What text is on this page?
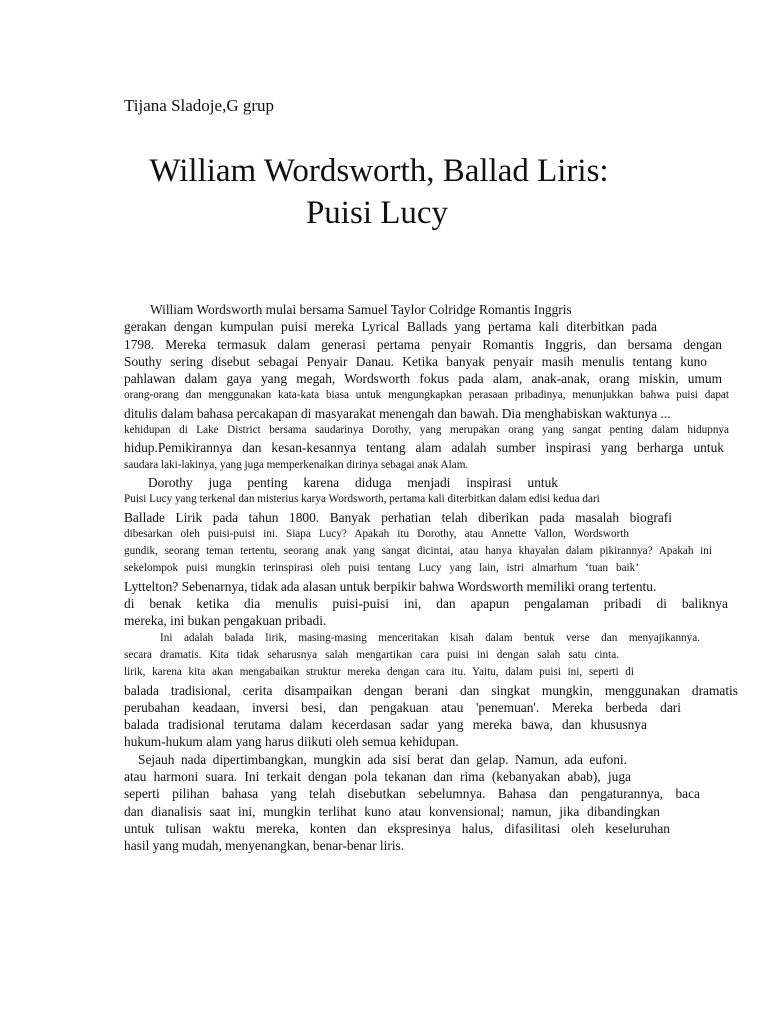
Tijana Sladoje,G grup
William Wordsworth, Ballad Liris:
Puisi Lucy
William Wordsworth mulai bersama Samuel Taylor Colridge Romantis Inggris
gerakan dengan kumpulan puisi mereka Lyrical Ballads yang pertama kali diterbitkan pada
1798. Mereka termasuk dalam generasi pertama penyair Romantis Inggris, dan bersama dengan
Southy sering disebut sebagai Penyair Danau. Ketika banyak penyair masih menulis tentang kuno
pahlawan dalam gaya yang megah, Wordsworth fokus pada alam, anak-anak, orang miskin, umum
orang-orang dan menggunakan kata-kata biasa untuk mengungkapkan perasaan pribadinya, menunjukkan bahwa puisi dapat
ditulis dalam bahasa percakapan di masyarakat menengah dan bawah. Dia menghabiskan waktunya ...
kehidupan di Lake District bersama saudarinya Dorothy, yang merupakan orang yang sangat penting dalam hidupnya
hidup.Pemikirannya dan kesan-kesannya tentang alam adalah sumber inspirasi yang berharga untuk
saudara laki-lakinya, yang juga memperkenalkan dirinya sebagai anak Alam.
Dorothy juga penting karena diduga menjadi inspirasi untuk
Puisi Lucy yang terkenal dan misterius karya Wordsworth, pertama kali diterbitkan dalam edisi kedua dari
Ballade Lirik pada tahun 1800. Banyak perhatian telah diberikan pada masalah biografi
dibesarkan oleh puisi-puisi ini. Siapa Lucy? Apakah itu Dorothy, atau Annette Vallon, Wordsworth
gundik, seorang teman tertentu, seorang anak yang sangat dicintai, atau hanya khayalan dalam pikirannya? Apakah ini
sekelompok puisi mungkin terinspirasi oleh puisi tentang Lucy yang lain, istri almarhum ‘tuan baik’
Lyttelton? Sebenarnya, tidak ada alasan untuk berpikir bahwa Wordsworth memiliki orang tertentu.
di benak ketika dia menulis puisi-puisi ini, dan apapun pengalaman pribadi di baliknya
mereka, ini bukan pengakuan pribadi.
Ini adalah balada lirik, masing-masing menceritakan kisah dalam bentuk verse dan menyajikannya.
secara dramatis. Kita tidak seharusnya salah mengartikan cara puisi ini dengan salah satu cinta.
lirik, karena kita akan mengabaikan struktur mereka dengan cara itu. Yaitu, dalam puisi ini, seperti di
balada tradisional, cerita disampaikan dengan berani dan singkat mungkin, menggunakan dramatis
perubahan keadaan, inversi besi, dan pengakuan atau 'penemuan'. Mereka berbeda dari
balada tradisional terutama dalam kecerdasan sadar yang mereka bawa, dan khususnya
hukum-hukum alam yang harus diikuti oleh semua kehidupan.
Sejauh nada dipertimbangkan, mungkin ada sisi berat dan gelap. Namun, ada eufoni.
atau harmoni suara. Ini terkait dengan pola tekanan dan rima (kebanyakan abab), juga
seperti pilihan bahasa yang telah disebutkan sebelumnya. Bahasa dan pengaturannya, baca
dan dianalisis saat ini, mungkin terlihat kuno atau konvensional; namun, jika dibandingkan
untuk tulisan waktu mereka, konten dan ekspresinya halus, difasilitasi oleh keseluruhan
hasil yang mudah, menyenangkan, benar-benar liris.
